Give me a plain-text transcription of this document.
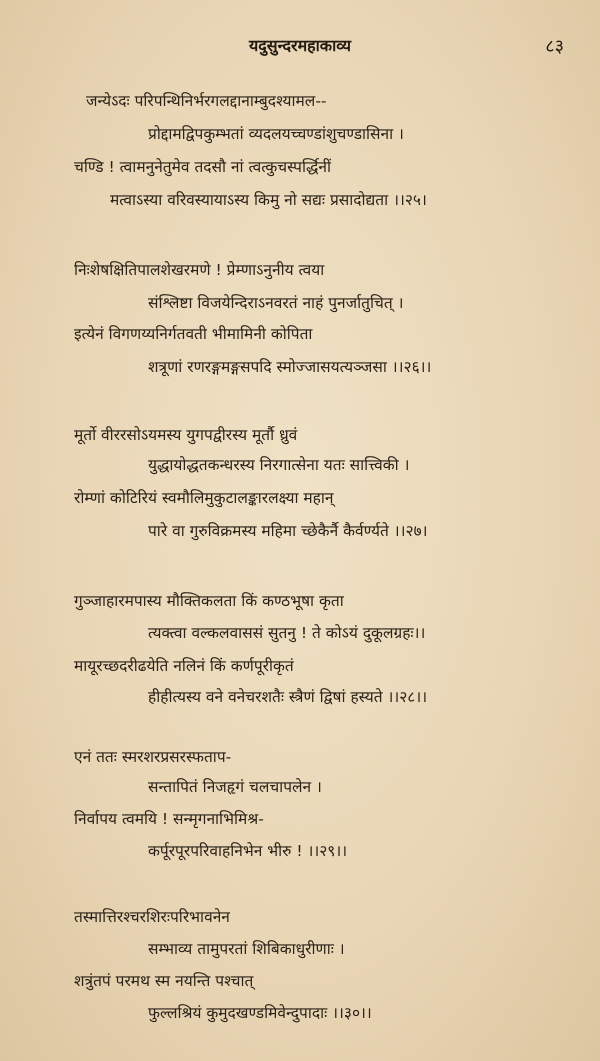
यदुसुन्दरमहाकाव्य	८३
जन्येऽदः परिपन्थिनिर्भरगलद्दानाम्बुदश्यामल--
प्रोद्दामद्विपकुम्भतां व्यदलयच्चण्डांशुचण्डासिना ।
चण्डि ! त्वामनुनेतुमेव तदसौ नां त्वत्कुचस्पर्द्धिनीं
मत्वाऽस्या वरिवस्यायाऽस्य किमु नो सद्यः प्रसादोद्यता ।।२५।
निःशेषक्षितिपालशेखरमणे ! प्रेम्णाऽनुनीय त्वया
संश्लिष्टा विजयेन्दिराऽनवरतं नाहं पुनर्जातुचित् ।
इत्येनं विगणय्यनिर्गतवती भीमामिनी कोपिता
शत्रूणां रणरङ्गमङ्गसपदि स्मोज्जासयत्यञ्जसा ।।२६।।
मूर्तो वीररसोऽयमस्य युगपद्वीरस्य मूर्तौ ध्रुवं
युद्धायोद्धतकन्धरस्य निरगात्सेना यतः सात्त्विकी ।
रोम्णां कोटिरियं स्वमौलिमुकुटालङ्कारलक्ष्या महान्
पारे वा गुरुविक्रमस्य महिमा च्छेकैर्नै कैर्वर्ण्यते ।।२७।
गुञ्जाहारमपास्य मौक्तिकलता किं कण्ठभूषा कृता
त्यक्त्वा वल्कलवाससं सुतनु ! ते कोऽयं दुकूलग्रहः।।
मायूरच्छदरीढयेति नलिनं किं कर्णपूरीकृतं
हीहीत्यस्य वने वनेचरशतैः स्त्रैणं द्विषां हस्यते ।।२८।।
एनं ततः स्मरशरप्रसरस्फताप-
सन्तापितं निजहृगं चलचापलेन ।
निर्वापय त्वमयि ! सन्मृगनाभिमिश्र-
कर्पूरपूरपरिवाहनिभेन भीरु ! ।।२९।।
तस्मात्तिरश्चरशिरःपरिभावनेन
सम्भाव्य तामुपरतां शिबिकाधुरीणाः ।
शत्रुंतपं परमथ स्म नयन्ति पश्चात्
फुल्लश्रियं कुमुदखण्डमिवेन्दुपादाः ।।३०।।
